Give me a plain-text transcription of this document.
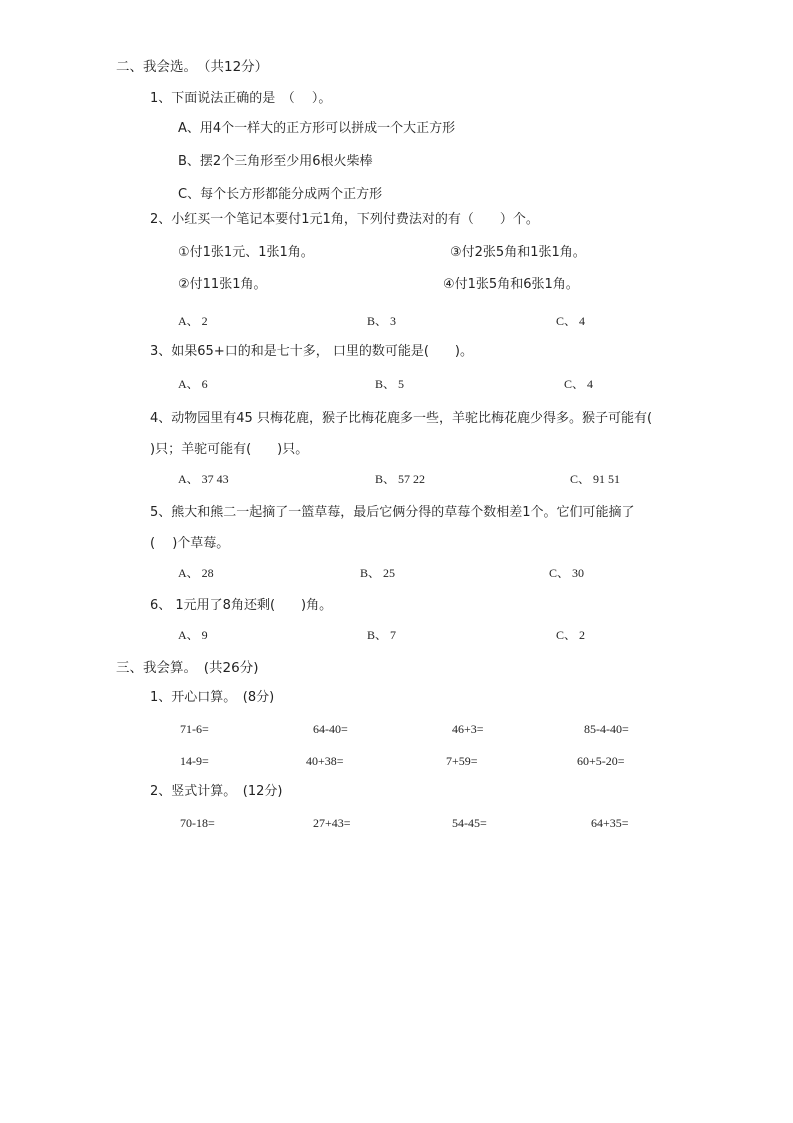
二、我会选。　（共12分）
1、下面说法正确的是　（　 ）。
A、用4个一样大的正方形可以拼成一个大正方形
B、摆2个三角形至少用6根火柴棒
C、每个长方形都能分成两个正方形
2、小红买一个笔记本要付1元1角，下列付费法对的有（　　）个。
①付1张1元、1张1角。	③付2张5角和1张1角。
②付11张1角。	④付1张5角和6张1角。
A、 2	B、 3	C、 4
3、如果65+口的和是七十多， 口里的数可能是(　　)。
A、 6	B、 5	C、 4
4、动物园里有45 只梅花鹿，猴子比梅花鹿多一些，羊驼比梅花鹿少得多。猴子可能有(
)只；羊驼可能有(　　)只。
A、 37 43	B、 57 22	C、 91 51
5、熊大和熊二一起摘了一篮草莓，最后它俩分得的草莓个数相差1个。它们可能摘了
(　 )个草莓。
A、 28	B、 25	C、 30
6、 1元用了8角还剩(　　)角。
A、 9	B、 7	C、 2
三、我会算。　(共26分)
1、开心口算。　(8分)
71-6=	64-40=	46+3=	85-4-40=
14-9=	40+38=	7+59=	60+5-20=
2、竖式计算。　(12分)
70-18=	27+43=	54-45=	64+35=
